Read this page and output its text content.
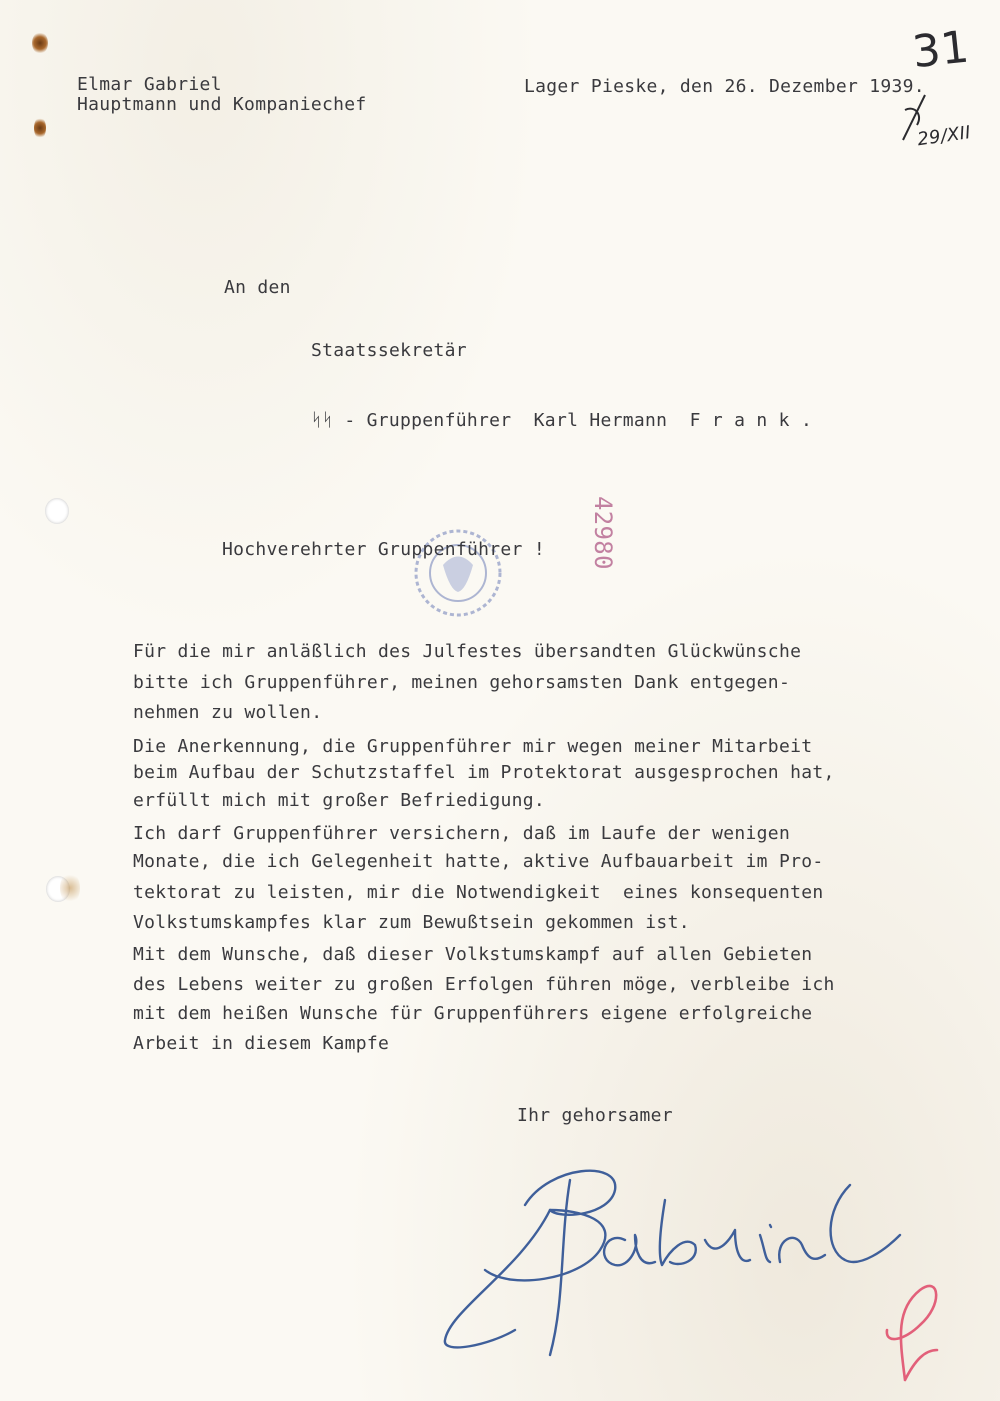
Elmar Gabriel
Hauptmann und Kompaniechef
Lager Pieske, den 26. Dezember 1939.
31
29/XII
An den
Staatssekretär
ᛋᛋ - Gruppenführer  Karl Hermann  F r a n k .
42980
Hochverehrter Gruppenführer !
Für die mir anläßlich des Julfestes übersandten Glückwünsche
bitte ich Gruppenführer, meinen gehorsamsten Dank entgegen-
nehmen zu wollen.
Die Anerkennung, die Gruppenführer mir wegen meiner Mitarbeit
beim Aufbau der Schutzstaffel im Protektorat ausgesprochen hat,
erfüllt mich mit großer Befriedigung.
Ich darf Gruppenführer versichern, daß im Laufe der wenigen
Monate, die ich Gelegenheit hatte, aktive Aufbauarbeit im Pro-
tektorat zu leisten, mir die Notwendigkeit  eines konsequenten
Volkstumskampfes klar zum Bewußtsein gekommen ist.
Mit dem Wunsche, daß dieser Volkstumskampf auf allen Gebieten
des Lebens weiter zu großen Erfolgen führen möge, verbleibe ich
mit dem heißen Wunsche für Gruppenführers eigene erfolgreiche
Arbeit in diesem Kampfe
Ihr gehorsamer
